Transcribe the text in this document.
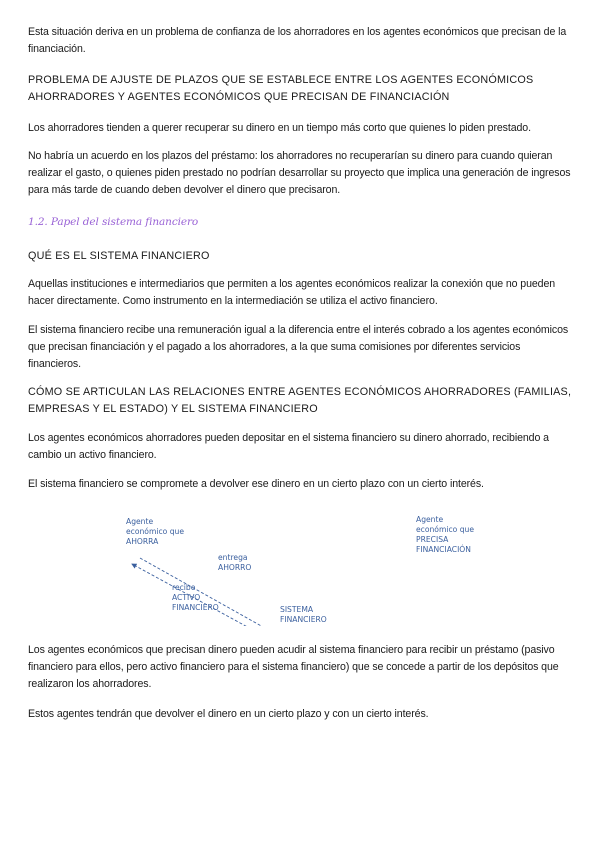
Esta situación deriva en un problema de confianza de los ahorradores en los agentes económicos que precisan de la financiación.

PROBLEMA DE AJUSTE DE PLAZOS QUE SE ESTABLECE ENTRE LOS AGENTES ECONÓMICOS AHORRADORES Y AGENTES ECONÓMICOS QUE PRECISAN DE FINANCIACIÓN

Los ahorradores tienden a querer recuperar su dinero en un tiempo más corto que quienes lo piden prestado.

No habría un acuerdo en los plazos del préstamo: los ahorradores no recuperarían su dinero para cuando quieran realizar el gasto, o quienes piden prestado no podrían desarrollar su proyecto que implica una generación de ingresos para más tarde de cuando deben devolver el dinero que precisaron.

1.2. Papel del sistema financiero

QUÉ ES EL SISTEMA FINANCIERO

Aquellas instituciones e intermediarios que permiten a los agentes económicos realizar la conexión que no pueden hacer directamente. Como instrumento en la intermediación se utiliza el activo financiero.

El sistema financiero recibe una remuneración igual a la diferencia entre el interés cobrado a los agentes económicos que precisan financiación y el pagado a los ahorradores, a la que suma comisiones por diferentes servicios financieros.

CÓMO SE ARTICULAN LAS RELACIONES ENTRE AGENTES ECONÓMICOS AHORRADORES (FAMILIAS, EMPRESAS Y EL ESTADO) Y EL SISTEMA FINANCIERO

Los agentes económicos ahorradores pueden depositar en el sistema financiero su dinero ahorrado, recibiendo a cambio un activo financiero.

El sistema financiero se compromete a devolver ese dinero en un cierto plazo con un cierto interés.

Agente
económico que
AHORRA
Agente
económico que
PRECISA
FINANCIACIÓN
entrega
AHORRO
recibe
ACTIVO
FINANCIERO	SISTEMA
FINANCIERO

Los agentes económicos que precisan dinero pueden acudir al sistema financiero para recibir un préstamo (pasivo financiero para ellos, pero activo financiero para el sistema financiero) que se concede a partir de los depósitos que realizaron los ahorradores.

Estos agentes tendrán que devolver el dinero en un cierto plazo y con un cierto interés.
